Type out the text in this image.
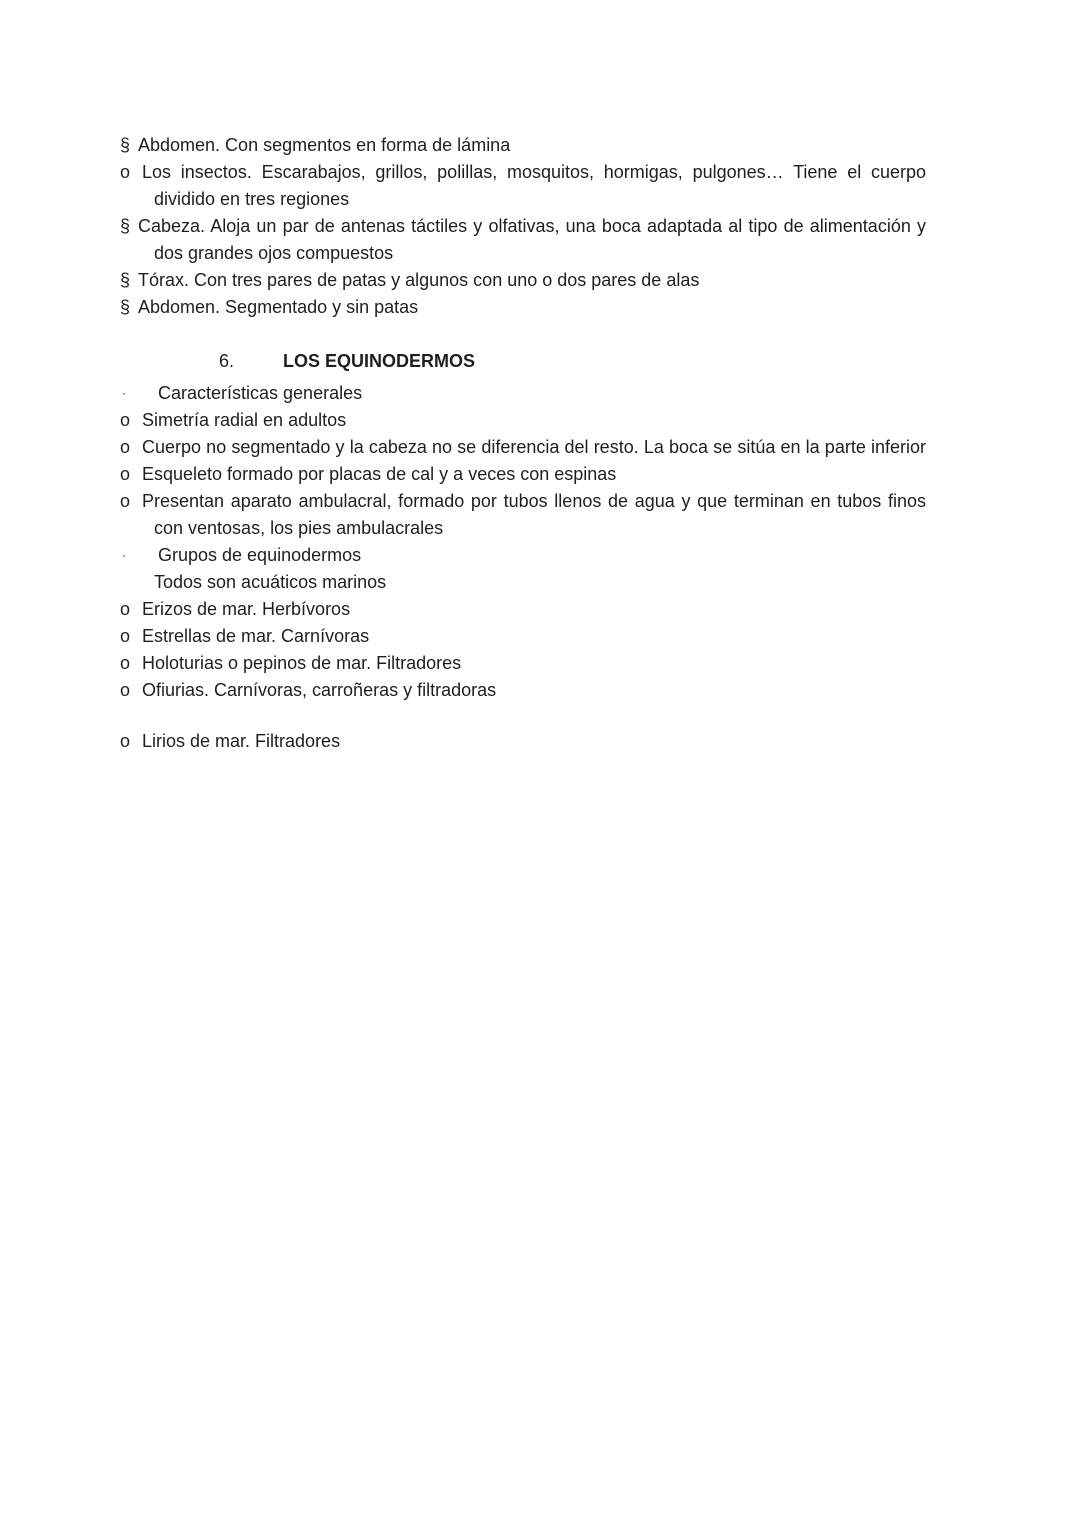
§ Abdomen. Con segmentos en forma de lámina
o Los insectos. Escarabajos, grillos, polillas, mosquitos, hormigas, pulgones… Tiene el cuerpo
dividido en tres regiones
§ Cabeza. Aloja un par de antenas táctiles y olfativas, una boca adaptada al tipo de alimentación y
dos grandes ojos compuestos
§ Tórax. Con tres pares de patas y algunos con uno o dos pares de alas
§ Abdomen. Segmentado y sin patas
6.	LOS EQUINODERMOS
·	Características generales
o Simetría radial en adultos
o Cuerpo no segmentado y la cabeza no se diferencia del resto. La boca se sitúa en la parte inferior
o Esqueleto formado por placas de cal y a veces con espinas
o Presentan aparato ambulacral, formado por tubos llenos de agua y que terminan en tubos finos
con ventosas, los pies ambulacrales
·	Grupos de equinodermos
Todos son acuáticos marinos
o Erizos de mar. Herbívoros
o Estrellas de mar. Carnívoras
o Holoturias o pepinos de mar. Filtradores
o Ofiurias. Carnívoras, carroñeras y filtradoras
o Lirios de mar. Filtradores
